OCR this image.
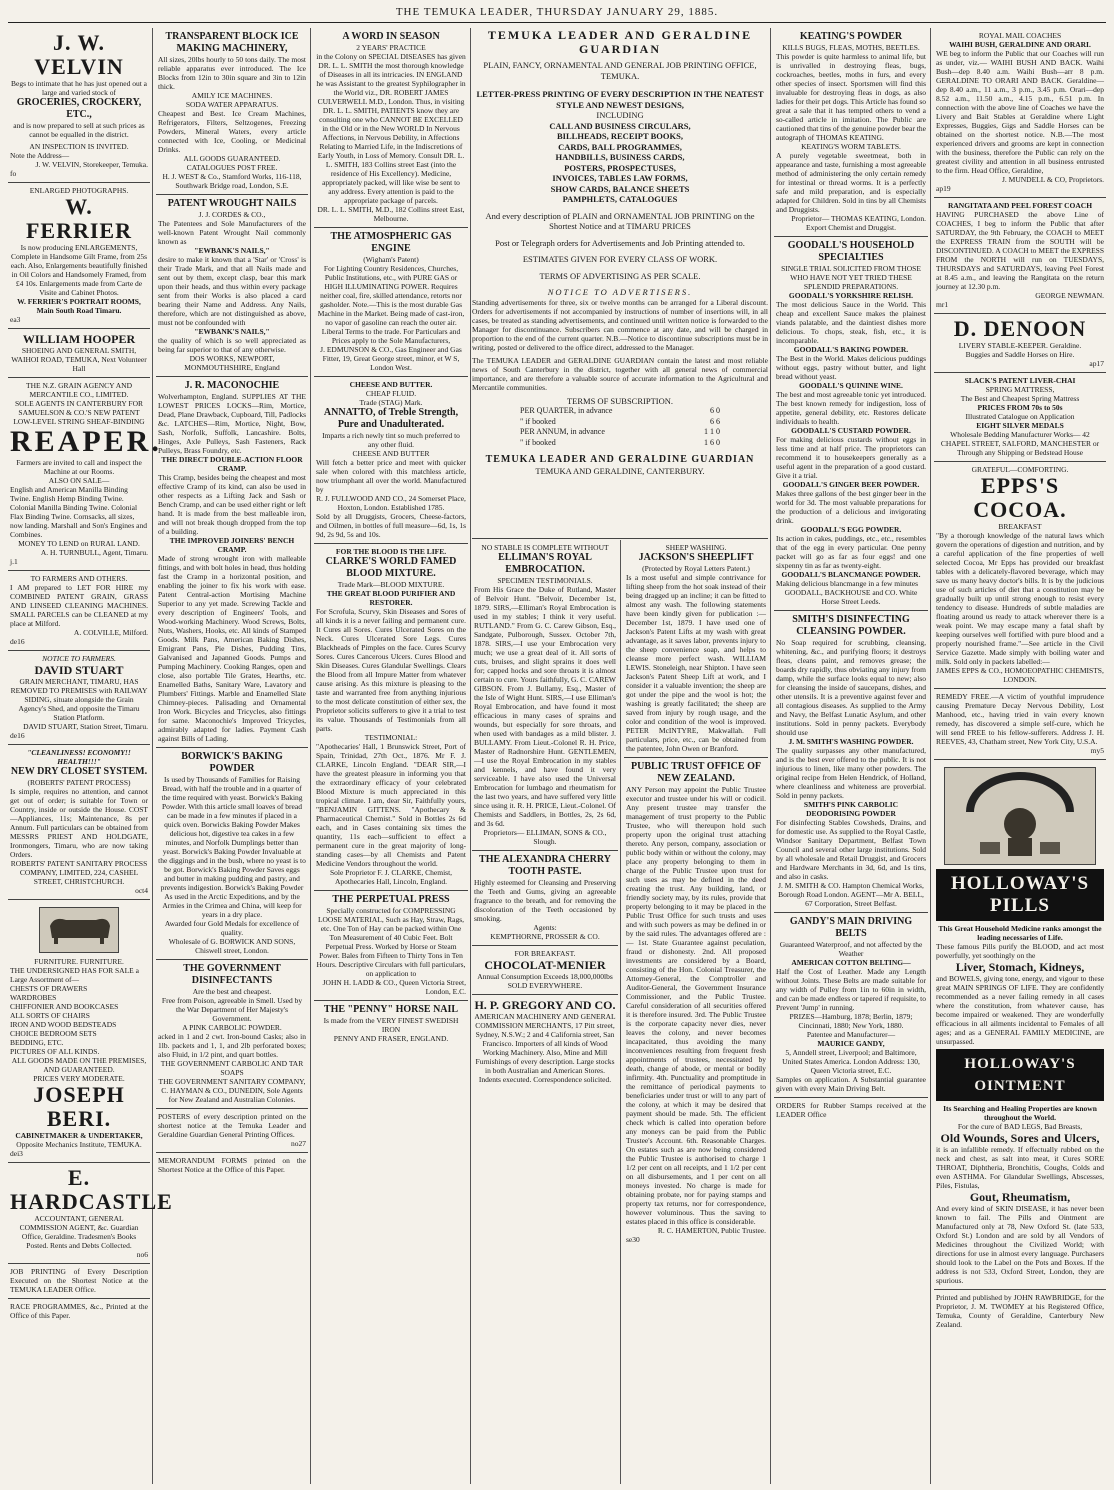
THE TEMUKA LEADER, THURSDAY JANUARY 29, 1885.
J. W. VELVIN
Begs to intimate that he has just opened out a large and varied stock of
GROCERIES, CROCKERY, ETC.,
and is now prepared to sell at such prices as cannot be equalled in the district.
AN INSPECTION IS INVITED.
Note the Address—
J. W. VELVIN, Storekeeper, Temuka.
fo
ENLARGED PHOTOGRAPHS.
W. FERRIER
Is now producing ENLARGEMENTS, Complete in Handsome Gilt Frame, from 25s each. Also, Enlargements beautifully finished in Oil Colors and Handsomely Framed, from £4 10s. Enlargements made from Carte de Visite and Cabinet Photos.
W. FERRIER'S PORTRAIT ROOMS, Main South Road Timaru.
ea3
WILLIAM HOOPER
SHOEING AND GENERAL SMITH, WAIHOI ROAD, TEMUKA, Next Volunteer Hall
THE N.Z. GRAIN AGENCY AND MERCANTILE CO., LIMITED.
SOLE AGENTS IN CANTERBURY FOR SAMUELSON & CO.'S NEW PATENT LOW-LEVEL STRING SHEAF-BINDING
REAPER.
Farmers are invited to call and inspect the Machine at our Rooms.
ALSO ON SALE—
English and American Manilla Binding Twine. English Hemp Binding Twine. Colonial Manilla Binding Twine. Colonial Flax Binding Twine. Cornsacks, all sizes, now landing. Marshall and Son's Engines and Combines.
MONEY TO LEND on RURAL LAND.
A. H. TURNBULL, Agent, Timaru.
j.1
TO FARMERS AND OTHERS.
I AM prepared to LET FOR HIRE my COMBINED PATENT GRAIN, GRASS AND LINSEED CLEANING MACHINES. SMALL PARCELS can be CLEANED at my place at Milford.
A. COLVILLE, Milford.
de16
NOTICE TO FARMERS.
DAVID STUART
GRAIN MERCHANT, TIMARU, HAS REMOVED TO PREMISES with RAILWAY SIDING, situate alongside the Grain Agency's Shed, and opposite the Timaru Station Platform.
DAVID STUART, Station Street, Timaru.
de16
"CLEANLINESS! ECONOMY!! HEALTH!!!"
NEW DRY CLOSET SYSTEM.
(ROBERTS' PATENT PROCESS)
Is simple, requires no attention, and cannot get out of order; is suitable for Town or Country, inside or outside the House. COST—Appliances, 11s; Maintenance, 8s per Annum. Full particulars can be obtained from MESSRS PRIEST AND HOLDGATE, Ironmongers, Timaru, who are now taking Orders.
ROBERTS' PATENT SANITARY PROCESS COMPANY, LIMITED, 224, CASHEL STREET, CHRISTCHURCH.
oct4
FURNITURE. FURNITURE.
THE UNDERSIGNED HAS FOR SALE a Large Assortment of—
CHESTS OF DRAWERS
WARDROBES
CHIFFONIER AND BOOKCASES
ALL SORTS OF CHAIRS
IRON AND WOOD BEDSTEADS
CHOICE BEDROOM SETS
BEDDING, ETC.
PICTURES OF ALL KINDS.
ALL GOODS MADE ON THE PREMISES, AND GUARANTEED.
PRICES VERY MODERATE.
JOSEPH BERI.
CABINETMAKER & UNDERTAKER,
Opposite Mechanics Institute, TEMUKA.
dei3
E. HARDCASTLE
ACCOUNTANT, GENERAL COMMISSION AGENT, &c. Guardian Office, Geraldine. Tradesmen's Books Posted. Rents and Debts Collected.
no6
JOB PRINTING of Every Description Executed on the Shortest Notice at the TEMUKA LEADER Office.
RACE PROGRAMMES, &c., Printed at the Office of this Paper.
TRANSPARENT BLOCK ICE MAKING MACHINERY,
All sizes, 20lbs hourly to 50 tons daily. The most reliable apparatus ever introduced. The Ice Blocks from 12in to 30in square and 3in to 12in thick.
AMILY ICE MACHINES.
SODA WATER APPARATUS.
Cheapest and Best. Ice Cream Machines, Refrigerators, Filters, Seltzogenes, Freezing Powders, Mineral Waters, every article connected with Ice, Cooling, or Medicinal Drinks.
ALL GOODS GUARANTEED.
CATALOGUES POST FREE.
H. J. WEST & Co., Stamford Works, 116-118, Southwark Bridge road, London, S.E.
PATENT WROUGHT NAILS
J. J. CORDES & CO.,
The Patentees and Sole Manufacturers of the well-known Patent Wrought Nail commonly known as
"EWBANK'S NAILS,"
desire to make it known that a 'Star' or 'Cross' is their Trade Mark, and that all Nails made and sent out by them, except clasp, bear this mark upon their heads, and thus within every package sent from their Works is also placed a card bearing their Name and Address. Any Nails, therefore, which are not distinguished as above, must not be confounded with
"EWBANK'S NAILS,"
the quality of which is so well appreciated as being far superior to that of any otherwise.
DOS WORKS, NEWPORT, MONMOUTHSHIRE, England
J. R. MACONOCHIE
Wolverhampton, England. SUPPLIES AT THE LOWEST PRICES LOCKS—Rim, Mortice, Dead, Plane Drawback, Cupboard, Till, Padlocks &c. LATCHES—Rim, Mortice, Night, Bow, Sash, Norfolk, Suffolk, Lancashire. Bolts, Hinges, Axle Pulleys, Sash Fasteners, Rack Pulleys, Brass Foundry, etc.
THE DIRECT DOUBLE-ACTION FLOOR CRAMP.
This Cramp, besides being the cheapest and most effective Cramp of its kind, can also be used in other respects as a Lifting Jack and Sash or Bench Cramp, and can be used either right or left hand. It is made from the best malleable iron, and will not break though dropped from the top of a building.
THE IMPROVED JOINERS' BENCH CRAMP.
Made of strong wrought iron with malleable fittings, and with bolt holes in head, thus holding fast the Cramp in a horizontal position, and enabling the joiner to fix his work with ease. Patent Central-action Mortising Machine Superior to any yet made. Screwing Tackle and every description of Engineers' Tools, and Wood-working Machinery. Wood Screws, Bolts, Nuts, Washers, Hooks, etc. All kinds of Stamped Goods. Milk Pans, American Baking Dishes, Emigrant Pans, Pie Dishes, Pudding Tins, Galvanised and Japanned Goods. Pumps and Pumping Machinery. Cooking Ranges, open and close, also portable Tile Grates, Hearths, etc. Enamelled Baths, Sanitary Ware, Lavatory and Plumbers' Fittings. Marble and Enamelled Slate Chimney-pieces. Palisading and Ornamental Iron Work. Bicycles and Tricycles, also fittings for same. Maconochie's Improved Tricycles, admirably adapted for ladies. Payment Cash against Bills of Lading.
BORWICK'S BAKING POWDER
Is used by Thousands of Families for Raising Bread, with half the trouble and in a quarter of the time required with yeast. Borwick's Baking Powder. With this article small loaves of bread can be made in a few minutes if placed in a quick oven. Borwicks Baking Powder Makes delicious hot, digestive tea cakes in a few minutes, and Norfolk Dumplings better than yeast. Borwick's Baking Powder Invaluable at the diggings and in the bush, where no yeast is to be got. Borwick's Baking Powder Saves eggs and butter in making pudding and pastry, and prevents indigestion. Borwick's Baking Powder As used in the Arctic Expeditions, and by the Armies in the Crimea and China, will keep for years in a dry place.
Awarded four Gold Medals for excellence of quality.
Wholesale of G. BORWICK AND SONS, Chiswell street, London.
THE GOVERNMENT DISINFECTANTS
Are the best and cheapest.
Free from Poison, agreeable in Smell. Used by the War Department of Her Majesty's Government.
A PINK CARBOLIC POWDER.
acked in 1 and 2 cwt. Iron-bound Casks; also in 1lb. packets and 1, 1, and 2lb perforated boxes; also Fluid, in 1/2 pint, and quart bottles.
THE GOVERNMENT CARBOLIC AND TAR SOAPS
THE GOVERNMENT SANITARY COMPANY,
C. HAYMAN & CO., DUNEDIN, Sole Agents for New Zealand and Australian Colonies.
POSTERS of every description printed on the shortest notice at the Temuka Leader and Geraldine Guardian General Printing Offices.
no27
MEMORANDUM FORMS printed on the Shortest Notice at the Office of this Paper.
A WORD IN SEASON
2 YEARS' PRACTICE
in the Colony on SPECIAL DISEASES has given DR. L. L. SMITH the most thorough knowledge of Diseases in all its intricacies. IN ENGLAND he was Assistant to the greatest Syphilographer in the World viz., DR. ROBERT JAMES CULVERWELL M.D., London. Thus, in visiting DR. L. L. SMITH, PATIENTS know they are consulting one who CANNOT BE EXCELLED in the Old or in the New WORLD In Nervous Affections, in Nervous Debility, in Affections Relating to Married Life, in the Indiscretions of Early Youth, in Loss of Memory. Consult DR. L. L. SMITH, 183 Collins street East (into the residence of His Excellency). Medicine, appropriately packed, will like wise be sent to any address. Every attention is paid to the appropriate package of parcels.
DR. L. L. SMITH, M.D., 182 Collins street East, Melbourne.
THE ATMOSPHERIC GAS ENGINE
(Wigham's Patent)
For Lighting Country Residences, Churches, Public Institutions, etc., with PURE GAS or HIGH ILLUMINATING POWER. Requires neither coal, fire, skilled attendance, retorts nor gasholder. Note.—This is the most durable Gas Machine in the Market. Being made of cast-iron, no vapor of gasoline can reach the outer air. Liberal Terms to the trade. For Particulars and Prices apply to the Sole Manufacturers,
J. EDMUNSON & CO., Gas Engineer and Gas Fitter, 19, Great George street, minor, et W S, London West.
CHEESE AND BUTTER.
CHEAP FLUID.
Trade (STAG) Mark.
ANNATTO, of Treble Strength, Pure and Unadulterated.
Imparts a rich newly tint so much preferred to any other fluid.
CHEESE AND BUTTER
Will fetch a better price and meet with quicker sale when colored with this matchless article, now triumphant all over the world. Manufactured by
R. J. FULLWOOD AND CO., 24 Somerset Place, Hoxton, London. Established 1785.
Sold by all Druggists, Grocers, Cheese-factors, and Oilmen, in bottles of full measure—6d, 1s, 1s 9d, 2s 9d, 5s and 10s.
FOR THE BLOOD IS THE LIFE.
CLARKE'S WORLD FAMED BLOOD MIXTURE.
Trade Mark—BLOOD MIXTURE.
THE GREAT BLOOD PURIFIER AND RESTORER.
For Scrofula, Scurvy, Skin Diseases and Sores of all kinds it is a never failing and permanent cure. It Cures all Sores. Cures Ulcerated Sores on the Neck. Cures Ulcerated Sore Legs. Cures Blackheads of Pimples on the face. Cures Scurvy Sores. Cures Cancerous Ulcers. Cures Blood and Skin Diseases. Cures Glandular Swellings. Clears the Blood from all Impure Matter from whatever cause arising. As this mixture is pleasing to the taste and warranted free from anything injurious to the most delicate constitution of either sex, the Proprietor solicits sufferers to give it a trial to test its value. Thousands of Testimonials from all parts.
TESTIMONIAL:
"Apothecaries' Hall, 1 Brunswick Street, Port of Spain, Trinidad, 27th Oct., 1876. Mr F. J. CLARKE, Lincoln England. "DEAR SIR,—I have the greatest pleasure in informing you that the extraordinary efficacy of your celebrated Blood Mixture is much appreciated in this tropical climate. I am, dear Sir, Faithfully yours, "BENJAMIN GITTENS. "Apothecary & Pharmaceutical Chemist." Sold in Bottles 2s 6d each, and in Cases containing six times the quantity, 11s each—sufficient to effect a permanent cure in the great majority of long-standing cases—by all Chemists and Patent Medicine Vendors throughout the world.
Sole Proprietor F. J. CLARKE, Chemist, Apothecaries Hall, Lincoln, England.
THE PERPETUAL PRESS
Specially constructed for COMPRESSING LOOSE MATERIAL, Such as Hay, Straw, Rags, etc. One Ton of Hay can be packed within One Ton Measurement of 40 Cubic Feet. Bolt Perpetual Press. Worked by Horse or Steam Power. Bales from Fifteen to Thirty Tons in Ten Hours. Descriptive Circulars with full particulars, on application to
JOHN H. LADD & CO., Queen Victoria Street, London, E.C.
THE "PENNY" HORSE NAIL
Is made from the VERY FINEST SWEDISH IRON
PENNY AND FRASER, ENGLAND.
TEMUKA LEADER AND GERALDINE GUARDIAN
PLAIN, FANCY, ORNAMENTAL AND GENERAL JOB PRINTING OFFICE, TEMUKA.
LETTER-PRESS PRINTING OF EVERY DESCRIPTION IN THE NEATEST STYLE AND NEWEST DESIGNS,
INCLUDING
CALL AND BUSINESS CIRCULARS,
BILLHEADS, RECEIPT BOOKS,
CARDS, BALL PROGRAMMES,
HANDBILLS, BUSINESS CARDS,
POSTERS, PROSPECTUSES,
INVOICES, TABLES LAW FORMS,
SHOW CARDS, BALANCE SHEETS
PAMPHLETS, CATALOGUES
And every description of PLAIN and ORNAMENTAL JOB PRINTING on the Shortest Notice and at TIMARU PRICES
Post or Telegraph orders for Advertisements and Job Printing attended to.
ESTIMATES GIVEN FOR EVERY CLASS OF WORK.
TERMS OF ADVERTISING AS PER SCALE.
NOTICE TO ADVERTISERS.
Standing advertisements for three, six or twelve months can be arranged for a Liberal discount. Orders for advertisements if not accompanied by instructions of number of insertions will, in all cases, be treated as standing advertisements, and continued until written notice is forwarded to the Manager for discontinuance. Subscribers can commence at any date, and will be charged in proportion to the end of the current quarter. N.B.—Notice to discontinue subscriptions must be in writing, posted or delivered to the office direct, addressed to the Manager.
The TEMUKA LEADER and GERALDINE GUARDIAN contain the latest and most reliable news of South Canterbury in the district, together with all general news of commercial importance, and are therefore a valuable source of accurate information to the Agricultural and Mercantile communities.
TERMS OF SUBSCRIPTION.
PER QUARTER, in advance	6 0
" if booked	6 6
PER ANNUM, in advance	1 1 0
" if booked	1 6 0
TEMUKA LEADER AND GERALDINE GUARDIAN
TEMUKA AND GERALDINE, CANTERBURY.
NO STABLE IS COMPLETE WITHOUT
ELLIMAN'S ROYAL EMBROCATION.
SPECIMEN TESTIMONIALS.
From His Grace the Duke of Rutland, Master of Belvoir Hunt. "Belvoir, December 1st, 1879. SIRS,—Elliman's Royal Embrocation is used in my stables; I think it very useful. RUTLAND." From G. C. Carew Gibson, Esq., Sandgate, Pulborough, Sussex. October 7th, 1878. SIRS,—I use your Embrocation very much; we use a great deal of it. All sorts of cuts, bruises, and slight sprains it does well for; capped hocks and sore throats it is almost certain to cure. Yours faithfully, G. C. CAREW GIBSON. From J. Bullamy, Esq., Master of the Isle of Wight Hunt. SIRS,—I use Elliman's Royal Embrocation, and have found it most efficacious in many cases of sprains and wounds, but especially for sore throats, and when used with bandages as a mild blister. J. BULLAMY. From Lieut.-Colonel R. H. Price, Master of Radnorshire Hunt. GENTLEMEN,—I use the Royal Embrocation in my stables and kennels, and have found it very serviceable. I have also used the Universal Embrocation for lumbago and rheumatism for the last two years, and have suffered very little since using it. R. H. PRICE, Lieut.-Colonel. Of Chemists and Saddlers, in Bottles, 2s, 2s 6d, and 3s 6d.
Proprietors— ELLIMAN, SONS & CO., Slough.
THE ALEXANDRA CHERRY TOOTH PASTE.
Highly esteemed for Cleansing and Preserving the Teeth and Gums, giving an agreeable fragrance to the breath, and for removing the discoloration of the Teeth occasioned by smoking.
Agents:
KEMPTHORNE, PROSSER & CO.
FOR BREAKFAST.
CHOCOLAT-MENIER
Annual Consumption Exceeds 18,000,000lbs
SOLD EVERYWHERE.
H. P. GREGORY AND CO.
AMERICAN MACHINERY AND GENERAL COMMISSION MERCHANTS, 17 Pitt street, Sydney, N.S.W.; 2 and 4 California street, San Francisco. Importers of all kinds of Wood Working Machinery. Also, Mine and Mill Furnishings of every description. Large stocks in both Australian and American Stores. Indents executed. Correspondence solicited.
SHEEP WASHING.
JACKSON'S SHEEPLIFT
(Protected by Royal Letters Patent.)
Is a most useful and simple contrivance for lifting sheep from the hot soak instead of their being dragged up an incline; it can be fitted to almost any wash. The following statements have been kindly given for publication :— December 1st, 1879. I have used one of Jackson's Patent Lifts at my wash with great advantage, as it saves labor, prevents injury to the sheep convenience soap, and helps to cleanse more perfect wash. WILLIAM LEWIS. Stoneleigh, near Shipton. I have seen Jackson's Patent Sheep Lift at work, and I consider it a valuable invention; the sheep are got under the pipe and the wool is hot; the washing is greatly facilitated; the sheep are saved from injury by rough usage, and the color and condition of the wool is improved. PETER McINTYRE, Makwallah. Full particulars, price, etc., can be obtained from the patentee, John Owen or Branford.
PUBLIC TRUST OFFICE OF NEW ZEALAND.
ANY Person may appoint the Public Trustee executor and trustee under his will or codicil. Any present trustee may transfer the management of trust property to the Public Trustee, who will thereupon hold such property upon the original trust attaching thereto. Any person, company, association or public body within or without the colony, may place any property belonging to them in charge of the Public Trustee upon trust for such uses as may be defined in the deed creating the trust. Any building, land, or friendly society may, by its rules, provide that property belonging to it may be placed in the Public Trust Office for such trusts and uses and with such powers as may be defined in or by the said rules. The advantages offered are :— 1st. State Guarantee against peculation, fraud or dishonesty. 2nd. All proposed investments are considered by a Board, consisting of the Hon. Colonial Treasurer, the Attorney-General, the Comptroller and Auditor-General, the Government Insurance Commissioner, and the Public Trustee. Careful consideration of all securities offered it is therefore insured. 3rd. The Public Trustee is the corporate capacity never dies, never leaves the colony, and never becomes incapacitated, thus avoiding the many inconveniences resulting from frequent fresh appointments of trustees, necessitated by death, change of abode, or mental or bodily infirmity. 4th. Punctuality and promptitude in the remittance of periodical payments to beneficiaries under trust or will to any part of the colony, at which it may be desired that payment should be made. 5th. The efficient check which is called into operation before any moneys can be paid from the Public Trustee's Account. 6th. Reasonable Charges. On estates such as are now being considered the Public Trustee is authorised to charge 1 1/2 per cent on all receipts, and 1 1/2 per cent on all disbursements, and 1 per cent on all moneys invested. No charge is made for obtaining probate, nor for paying stamps and property tax returns, nor for correspondence, however voluminous. Thus the saving to estates placed in this office is considerable.
R. C. HAMERTON, Public Trustee.
se30
KEATING'S POWDER
KILLS BUGS, FLEAS, MOTHS, BEETLES.
This powder is quite harmless to animal life, but is unrivalled in destroying fleas, bugs, cockroaches, beetles, moths in furs, and every other species of insect. Sportsmen will find this invaluable for destroying fleas in dogs, as also ladies for their pet dogs. This Article has found so great a sale that it has tempted others to vend a so-called article in imitation. The Public are cautioned that tins of the genuine powder bear the autograph of THOMAS KEATING.
KEATING'S WORM TABLETS.
A purely vegetable sweetmeat, both in appearance and taste, furnishing a most agreeable method of administering the only certain remedy for intestinal or thread worms. It is a perfectly safe and mild preparation, and is especially adapted for Children. Sold in tins by all Chemists and Druggists.
Proprietor— THOMAS KEATING, London.
Export Chemist and Druggist.
GOODALL'S HOUSEHOLD SPECIALTIES
SINGLE TRIAL SOLICITED FROM THOSE WHO HAVE NOT YET TRIED THESE SPLENDID PREPARATIONS.
GOODALL'S YORKSHIRE RELISH.
The most delicious Sauce in the World. This cheap and excellent Sauce makes the plainest viands palatable, and the daintiest dishes more delicious. To chops, steak, fish, etc., it is incomparable.
GOODALL'S BAKING POWDER.
The Best in the World. Makes delicious puddings without eggs, pastry without butter, and light bread without yeast.
GOODALL'S QUININE WINE.
The best and most agreeable tonic yet introduced. The best known remedy for indigestion, loss of appetite, general debility, etc. Restores delicate individuals to health.
GOODALL'S CUSTARD POWDER.
For making delicious custards without eggs in less time and at half price. The proprietors can recommend it to housekeepers generally as a useful agent in the preparation of a good custard. Give it a trial.
GOODALL'S GINGER BEER POWDER.
Makes three gallons of the best ginger beer in the world for 3d. The most valuable preparations for the production of a delicious and invigorating drink.
GOODALL'S EGG POWDER.
Its action in cakes, puddings, etc., etc., resembles that of the egg in every particular. One penny packet will go as far as four eggs! and one sixpenny tin as far as twenty-eight.
GOODALL'S BLANCMANGE POWDER.
Making delicious blancmange in a few minutes
GOODALL, BACKHOUSE and CO. White Horse Street Leeds.
SMITH'S DISINFECTING CLEANSING POWDER.
No Soap required for scrubbing, cleansing, whitening, &c., and purifying floors; it destroys fleas, cleans paint, and removes grease; the boards dry rapidly, thus obviating any injury from damp, while the surface looks equal to new; also for cleansing the inside of saucepans, dishes, and other utensils. It is a preventive against fever and all contagious diseases. As supplied to the Army and Navy, the Belfast Lunatic Asylum, and other institutions. Sold in penny packets. Everybody should use
J. M. SMITH'S WASHING POWDER.
The quality surpasses any other manufactured, and is the best ever offered to the public. It is not injurious to linen, like many other powders. The original recipe from Helen Hendrick, of Holland, where cleanliness and whiteness are proverbial. Sold in penny packets.
SMITH'S PINK CARBOLIC DEODORISING POWDER
For disinfecting Stables Cowsheds, Drains, and for domestic use. As supplied to the Royal Castle, Windsor Sanitary Department, Belfast Town Council and several other large institutions. Sold by all wholesale and Retail Druggist, and Grocers and Hardware Merchants in 3d, 6d, and 1s tins, and also in casks.
J. M. SMITH & CO. Hampton Chemical Works, Borough Road London. AGENT—Mr A. BELL, 67 Corporation, Street Belfast.
GANDY'S MAIN DRIVING BELTS
Guaranteed Waterproof, and not affected by the Weather
AMERICAN COTTON BELTING—
Half the Cost of Leather. Made any Length without Joints. These Belts are made suitable for any width of Pulley from 1in to 60in in width, and can be made endless or tapered if requisite, to Prevent 'Jump' in running.
PRIZES—Hamburg, 1878; Berlin, 1879; Cincinnati, 1880; New York, 1880.
Patentee and Manufacturer—
MAURICE GANDY,
5, Anndell street, Liverpool; and Baltimore, United States America. London Address: 130, Queen Victoria street, E.C.
Samples on application. A Substantial guarantee given with every Main Driving Belt.
ORDERS for Rubber Stamps received at the LEADER Office
ROYAL MAIL COACHES
WAIHI BUSH, GERALDINE AND ORARI.
WE beg to inform the Public that our Coaches will run as under, viz.— WAIHI BUSH AND BACK. Waihi Bush—dep 8.40 a.m. Waihi Bush—arr 8 p.m. GERALDINE TO ORARI AND BACK. Geraldine—dep 8.40 a.m., 11 a.m., 3 p.m., 3.45 p.m. Orari—dep 8.52 a.m., 11.50 a.m., 4.15 p.m., 6.51 p.m. In connection with the above line of Coaches we have the Livery and Bait Stables at Geraldine where Light Expresses, Buggies, Gigs and Saddle Horses can be obtained on the shortest notice. N.B.—The most experienced drivers and grooms are kept in connection with the business, therefore the Public can rely on the greatest civility and attention in all business entrusted to the firm. Head Office, Geraldine,
J. MUNDELL & CO, Proprietors.
ap19
RANGITATA AND PEEL FOREST COACH
HAVING PURCHASED the above Line of COACHES, I beg to inform the Public that after SATURDAY, the 9th February, the COACH to MEET the EXPRESS TRAIN from the SOUTH will be DISCONTINUED. A COACH to MEET the EXPRESS FROM the NORTH will run on TUESDAYS, THURSDAYS and SATURDAYS, leaving Peel Forest at 8.45 a.m., and leaving the Rangitata on the return journey at 12.30 p.m.
GEORGE NEWMAN.
mr1
D. DENOON
LIVERY STABLE-KEEPER. Geraldine.
Buggies and Saddle Horses on Hire.
ap17
SLACK'S PATENT LIVER-CHAI
SPRING MATTRESS,
The Best and Cheapest Spring Mattress
PRICES FROM 70s to 50s
Illustrated Catalogue on Application
EIGHT SILVER MEDALS
Wholesale Bedding Manufacturer Works— 42 CHAPEL STREET, SALFORD, MANCHESTER or Through any Shipping or Bedstead House
GRATEFUL—COMFORTING.
EPPS'S COCOA.
BREAKFAST
"By a thorough knowledge of the natural laws which govern the operations of digestion and nutrition, and by a careful application of the fine properties of well selected Cocoa, Mr Epps has provided our breakfast tables with a delicately-flavored beverage, which may save us many heavy doctor's bills. It is by the judicious use of such articles of diet that a constitution may be gradually built up until strong enough to resist every tendency to disease. Hundreds of subtle maladies are floating around us ready to attack wherever there is a weak point. We may escape many a fatal shaft by keeping ourselves well fortified with pure blood and a properly nourished frame."—See article in the Civil Service Gazette. Made simply with boiling water and milk. Sold only in packets labelled:—
JAMES EPPS & CO., HOMOEOPATHIC CHEMISTS, LONDON.
REMEDY FREE.—A victim of youthful imprudence causing Premature Decay Nervous Debility, Lost Manhood, etc., having tried in vain every known remedy, has discovered a simple self-cure, which he will send FREE to his fellow-sufferers. Address J. H. REEVES, 43, Chatham street, New York City, U.S.A.
my5
HOLLOWAY'S PILLS
This Great Household Medicine ranks amongst the leading necessaries of Life.
These famous Pills purify the BLOOD, and act most powerfully, yet soothingly on the
Liver, Stomach, Kidneys,
and BOWELS, giving tone, energy, and vigour to these great MAIN SPRINGS OF LIFE. They are confidently recommended as a never failing remedy in all cases where the constitution, from whatever cause, has become impaired or weakened. They are wonderfully efficacious in all ailments incidental to Females of all ages; and as a GENERAL FAMILY MEDICINE, are unsurpassed.
HOLLOWAY'S OINTMENT
Its Searching and Healing Properties are known throughout the World.
For the cure of BAD LEGS, Bad Breasts,
Old Wounds, Sores and Ulcers,
it is an infallible remedy. If effectually rubbed on the neck and chest, as salt into meat, it Cures SORE THROAT, Diphtheria, Bronchitis, Coughs, Colds and even ASTHMA. For Glandular Swellings, Abscesses, Piles, Fistulas,
Gout, Rheumatism,
And every kind of SKIN DISEASE, it has never been known to fail. The Pills and Ointment are Manufactured only at 78, New Oxford St. (late 533, Oxford St.) London and are sold by all Vendors of Medicines throughout the Civilized World; with directions for use in almost every language. Purchasers should look to the Label on the Pots and Boxes. If the address is not 533, Oxford Street, London, they are spurious.
Printed and published by JOHN RAWBRIDGE, for the Proprietor, J. M. TWOMEY at his Registered Office, Temuka, County of Geraldine, Canterbury New Zealand.
